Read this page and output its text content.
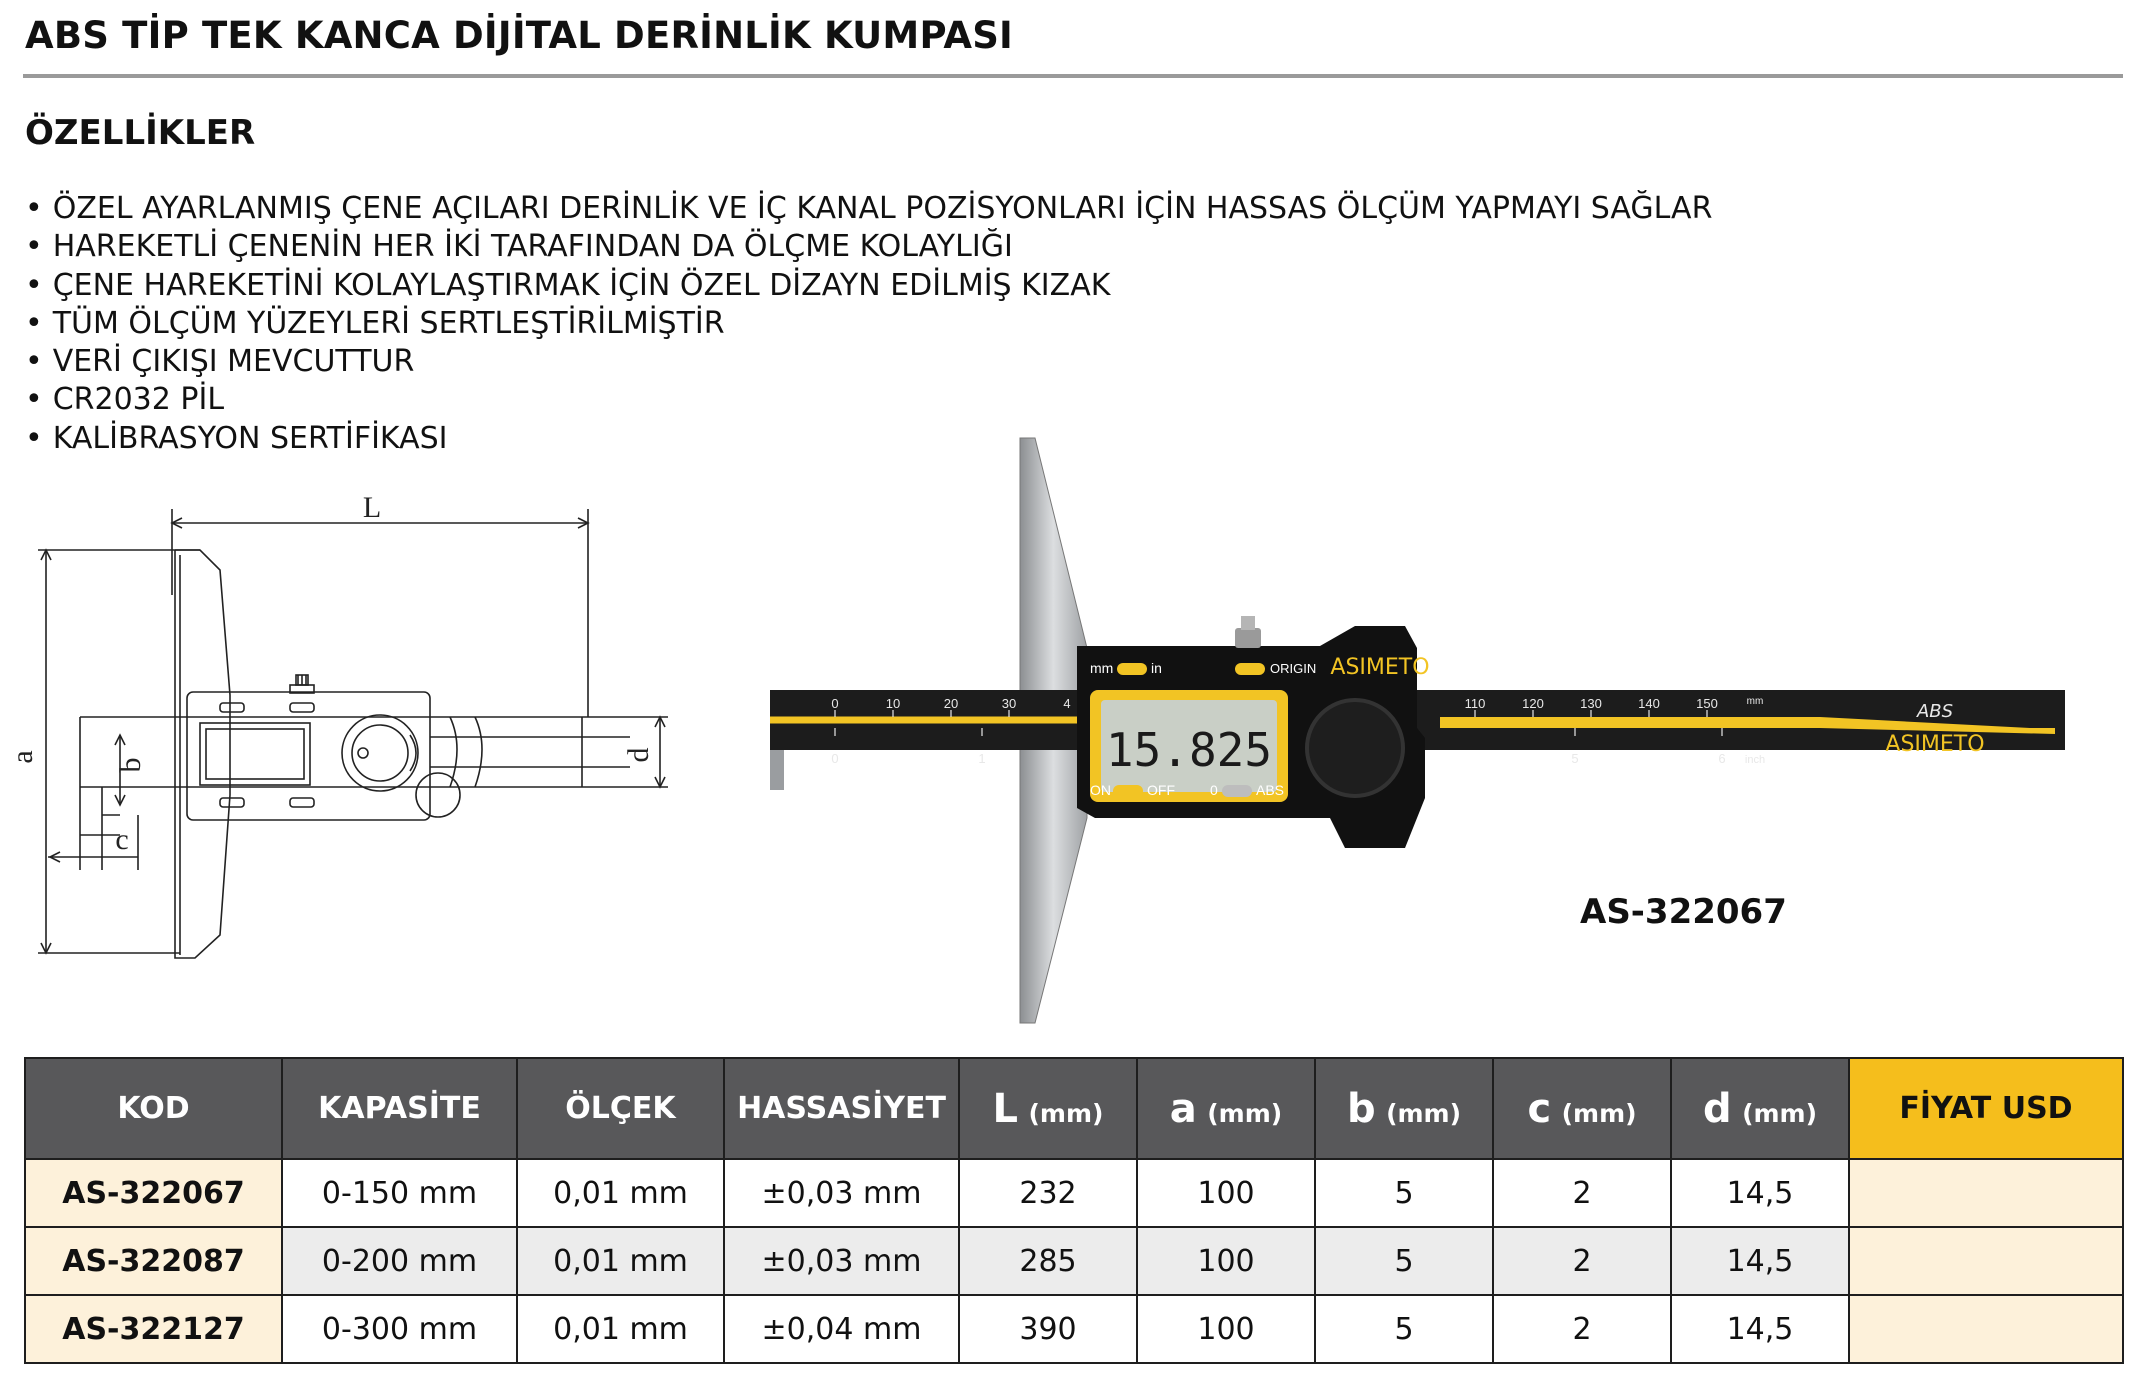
ABS TİP TEK KANCA DİJİTAL DERİNLİK KUMPASI
ÖZELLİKLER
• ÖZEL AYARLANMIŞ ÇENE AÇILARI DERİNLİK VE İÇ KANAL POZİSYONLARI İÇİN HASSAS ÖLÇÜM YAPMAYI SAĞLAR
• HAREKETLİ ÇENENİN HER İKİ TARAFINDAN DA ÖLÇME KOLAYLIĞI
• ÇENE HAREKETİNİ KOLAYLAŞTIRMAK İÇİN ÖZEL DİZAYN EDİLMİŞ KIZAK
• TÜM ÖLÇÜM YÜZEYLERİ SERTLEŞTİRİLMİŞTİR
• VERİ ÇIKIŞI MEVCUTTUR
• CR2032 PİL
• KALİBRASYON SERTİFİKASI
L
a
b
c
d
0	10	20	30	4	110	120	130	140	150	mm
0	1	5	6 inch
ABS
ASIMETO
15.825
mm	in	ORIGIN
ON	OFF	0	ABS
ASIMETO
AS-322067
KOD	KAPASİTE	ÖLÇEK	HASSASİYET	L (mm)	a (mm)	b (mm)	c (mm)	d (mm)	FİYAT USD
AS-322067	0-150 mm	0,01 mm	±0,03 mm	232	100	5	2	14,5	
AS-322087	0-200 mm	0,01 mm	±0,03 mm	285	100	5	2	14,5	
AS-322127	0-300 mm	0,01 mm	±0,04 mm	390	100	5	2	14,5	
